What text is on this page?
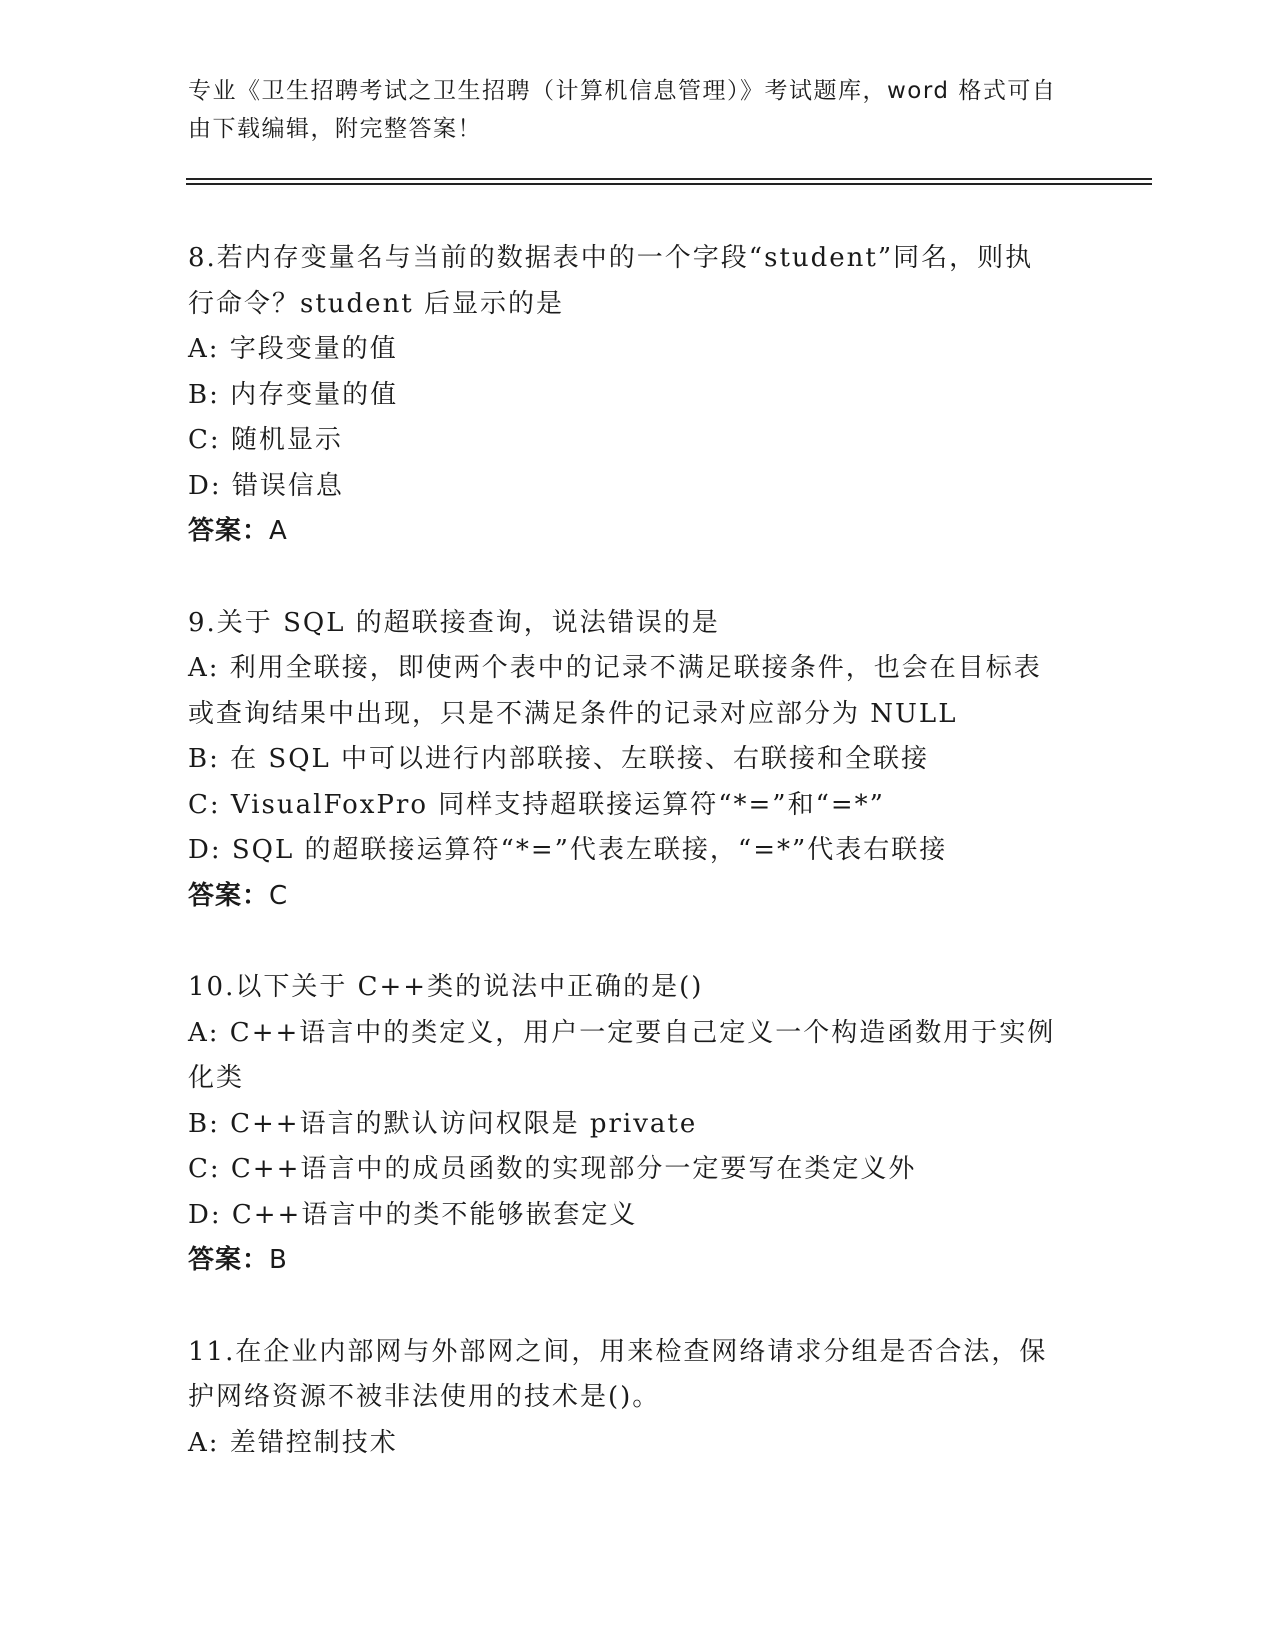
专业《卫生招聘考试之卫生招聘（计算机信息管理）》考试题库，word 格式可自
由下载编辑，附完整答案！
8.若内存变量名与当前的数据表中的一个字段“student”同名，则执
行命令？student 后显示的是
A: 字段变量的值
B: 内存变量的值
C: 随机显示
D: 错误信息
答案：A
9.关于 SQL 的超联接查询，说法错误的是
A: 利用全联接，即使两个表中的记录不满足联接条件，也会在目标表
或查询结果中出现，只是不满足条件的记录对应部分为 NULL
B: 在 SQL 中可以进行内部联接、左联接、右联接和全联接
C: VisualFoxPro 同样支持超联接运算符“*=”和“=*”
D: SQL 的超联接运算符“*=”代表左联接，“=*”代表右联接
答案：C
10.以下关于 C++类的说法中正确的是()
A: C++语言中的类定义，用户一定要自己定义一个构造函数用于实例
化类
B: C++语言的默认访问权限是 private
C: C++语言中的成员函数的实现部分一定要写在类定义外
D: C++语言中的类不能够嵌套定义
答案：B
11.在企业内部网与外部网之间，用来检查网络请求分组是否合法，保
护网络资源不被非法使用的技术是()。
A: 差错控制技术
